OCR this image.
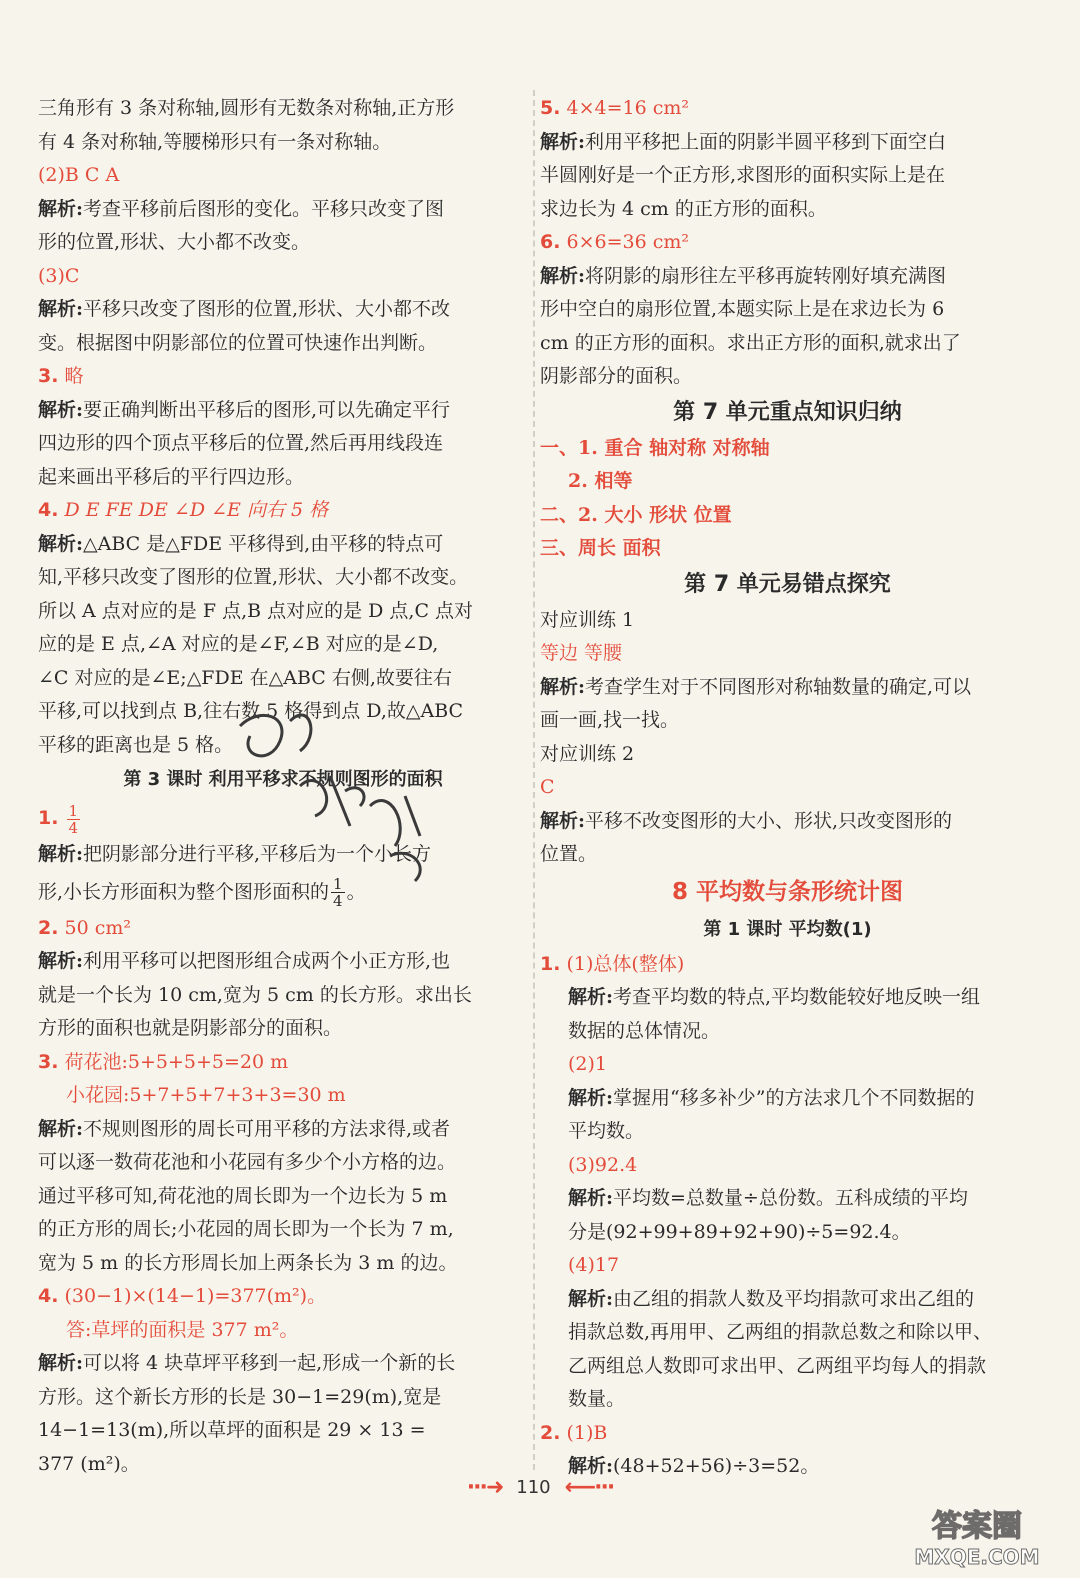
三角形有 3 条对称轴,圆形有无数条对称轴,正方形
有 4 条对称轴,等腰梯形只有一条对称轴。
(2)B C A
解析:考查平移前后图形的变化。平移只改变了图
形的位置,形状、大小都不改变。
(3)C
解析:平移只改变了图形的位置,形状、大小都不改
变。根据图中阴影部位的位置可快速作出判断。
3. 略
解析:要正确判断出平移后的图形,可以先确定平行
四边形的四个顶点平移后的位置,然后再用线段连
起来画出平移后的平行四边形。
4. D E FE DE ∠D ∠E 向右 5 格
解析:△ABC 是△FDE 平移得到,由平移的特点可
知,平移只改变了图形的位置,形状、大小都不改变。
所以 A 点对应的是 F 点,B 点对应的是 D 点,C 点对
应的是 E 点,∠A 对应的是∠F,∠B 对应的是∠D,
∠C 对应的是∠E;△FDE 在△ABC 右侧,故要往右
平移,可以找到点 B,往右数 5 格得到点 D,故△ABC
平移的距离也是 5 格。
第 3 课时 利用平移求不规则图形的面积
1. $\frac{1}{4}$
解析:把阴影部分进行平移,平移后为一个小长方
形,小长方形面积为整个图形面积的 $\frac{1}{4}$ 。
2. 50 cm²
解析:利用平移可以把图形组合成两个小正方形,也
就是一个长为 10 cm,宽为 5 cm 的长方形。求出长
方形的面积也就是阴影部分的面积。
3. 荷花池:5+5+5+5=20 m
小花园:5+7+5+7+3+3=30 m
解析:不规则图形的周长可用平移的方法求得,或者
可以逐一数荷花池和小花园有多少个小方格的边。
通过平移可知,荷花池的周长即为一个边长为 5 m
的正方形的周长;小花园的周长即为一个长为 7 m,
宽为 5 m 的长方形周长加上两条长为 3 m 的边。
4. (30−1)×(14−1)=377(m²)。
答:草坪的面积是 377 m²。
解析:可以将 4 块草坪平移到一起,形成一个新的长
方形。这个新长方形的长是 30−1=29(m),宽是
14−1=13(m),所以草坪的面积是 29 × 13 =
377 (m²)。
5. 4×4=16 cm²
解析:利用平移把上面的阴影半圆平移到下面空白
半圆刚好是一个正方形,求图形的面积实际上是在
求边长为 4 cm 的正方形的面积。
6. 6×6=36 cm²
解析:将阴影的扇形往左平移再旋转刚好填充满图
形中空白的扇形位置,本题实际上是在求边长为 6
cm 的正方形的面积。求出正方形的面积,就求出了
阴影部分的面积。
第 7 单元重点知识归纳
一、1. 重合 轴对称 对称轴
2. 相等
二、2. 大小 形状 位置
三、周长 面积
第 7 单元易错点探究
对应训练 1
等边 等腰
解析:考查学生对于不同图形对称轴数量的确定,可以
画一画,找一找。
对应训练 2
C
解析:平移不改变图形的大小、形状,只改变图形的
位置。
8 平均数与条形统计图
第 1 课时 平均数(1)
1. (1)总体(整体)
解析:考查平均数的特点,平均数能较好地反映一组
数据的总体情况。
(2)1
解析:掌握用“移多补少”的方法求几个不同数据的
平均数。
(3)92.4
解析:平均数=总数量÷总份数。五科成绩的平均
分是(92+99+89+92+90)÷5=92.4。
(4)17
解析:由乙组的捐款人数及平均捐款可求出乙组的
捐款总数,再用甲、乙两组的捐款总数之和除以甲、
乙两组总人数即可求出甲、乙两组平均每人的捐款
数量。
2. (1)B
解析:(48+52+56)÷3=52。
···➜ 110 ⟵···
答案圈
MXQE.COM
